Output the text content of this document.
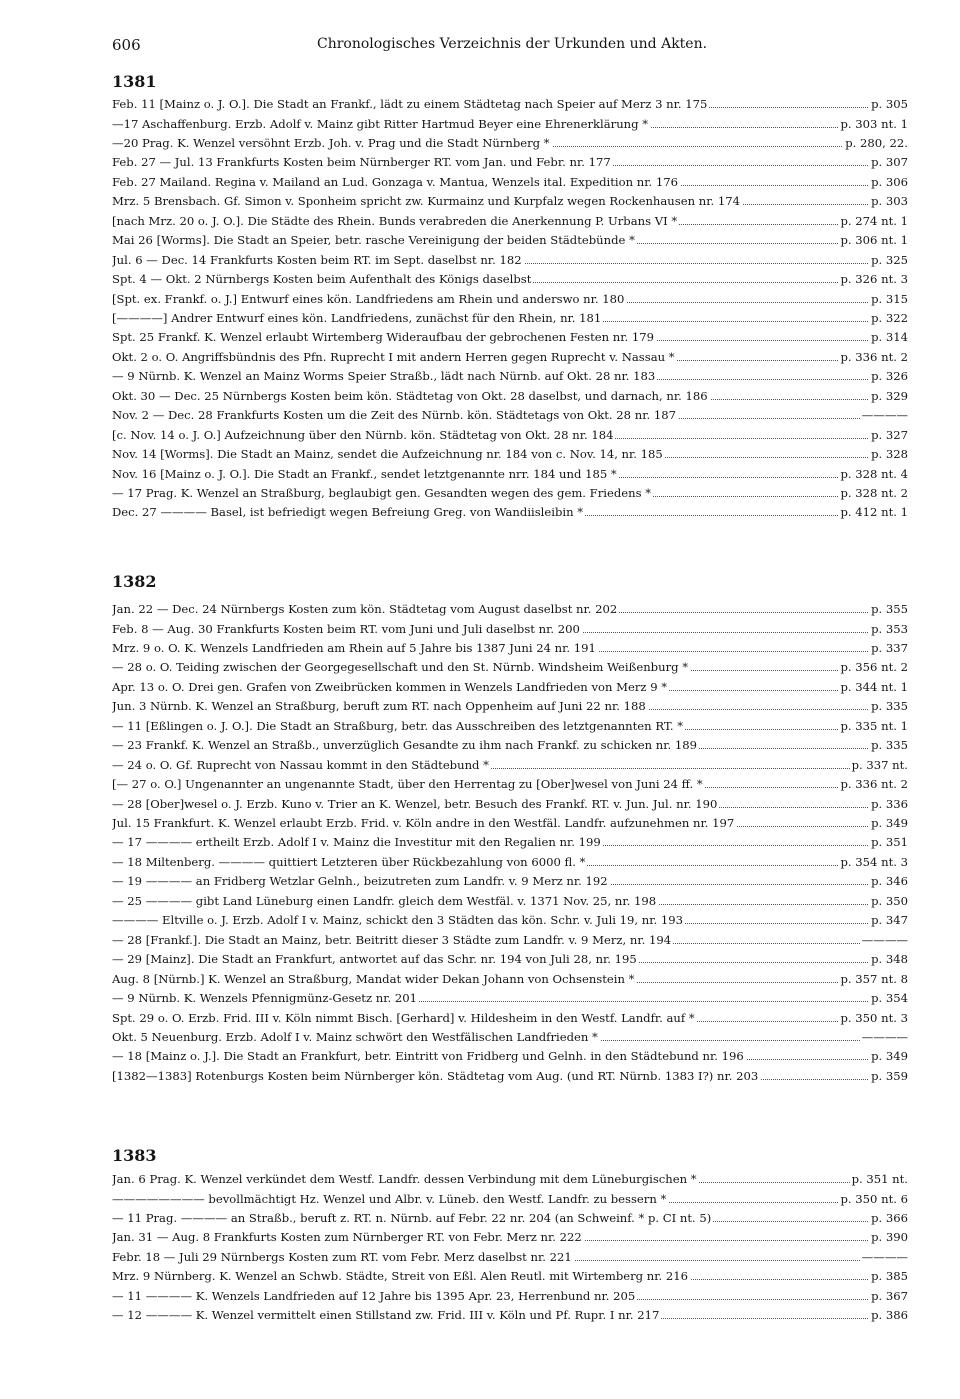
606	Chronologisches Verzeichnis der Urkunden und Akten.
1381
Feb. 11 [Mainz o. J. O.]. Die Stadt an Frankf., lädt zu einem Städtetag nach Speier auf Merz 3 nr. 175	p. 305
—17 Aschaffenburg. Erzb. Adolf v. Mainz gibt Ritter Hartmud Beyer eine Ehrenerklärung *	p. 303 nt. 1
—20 Prag. K. Wenzel versöhnt Erzb. Joh. v. Prag und die Stadt Nürnberg *	p. 280, 22.
Feb. 27 — Jul. 13 Frankfurts Kosten beim Nürnberger RT. vom Jan. und Febr. nr. 177	p. 307
Feb. 27 Mailand. Regina v. Mailand an Lud. Gonzaga v. Mantua, Wenzels ital. Expedition nr. 176	p. 306
Mrz. 5 Brensbach. Gf. Simon v. Sponheim spricht zw. Kurmainz und Kurpfalz wegen Rockenhausen nr. 174	p. 303
[nach Mrz. 20 o. J. O.]. Die Städte des Rhein. Bunds verabreden die Anerkennung P. Urbans VI *	p. 274 nt. 1
Mai 26 [Worms]. Die Stadt an Speier, betr. rasche Vereinigung der beiden Städtebünde *	p. 306 nt. 1
Jul. 6 — Dec. 14 Frankfurts Kosten beim RT. im Sept. daselbst nr. 182	p. 325
Spt. 4 — Okt. 2 Nürnbergs Kosten beim Aufenthalt des Königs daselbst	p. 326 nt. 3
[Spt. ex. Frankf. o. J.] Entwurf eines kön. Landfriedens am Rhein und anderswo nr. 180	p. 315
[————] Andrer Entwurf eines kön. Landfriedens, zunächst für den Rhein, nr. 181	p. 322
Spt. 25 Frankf. K. Wenzel erlaubt Wirtemberg Wideraufbau der gebrochenen Festen nr. 179	p. 314
Okt. 2 o. O. Angriffsbündnis des Pfn. Ruprecht I mit andern Herren gegen Ruprecht v. Nassau *	p. 336 nt. 2
— 9 Nürnb. K. Wenzel an Mainz Worms Speier Straßb., lädt nach Nürnb. auf Okt. 28 nr. 183	p. 326
Okt. 30 — Dec. 25 Nürnbergs Kosten beim kön. Städtetag von Okt. 28 daselbst, und darnach, nr. 186	p. 329
Nov. 2 — Dec. 28 Frankfurts Kosten um die Zeit des Nürnb. kön. Städtetags von Okt. 28 nr. 187	————
[c. Nov. 14 o. J. O.] Aufzeichnung über den Nürnb. kön. Städtetag von Okt. 28 nr. 184	p. 327
Nov. 14 [Worms]. Die Stadt an Mainz, sendet die Aufzeichnung nr. 184 von c. Nov. 14, nr. 185	p. 328
Nov. 16 [Mainz o. J. O.]. Die Stadt an Frankf., sendet letztgenannte nrr. 184 und 185 *	p. 328 nt. 4
— 17 Prag. K. Wenzel an Straßburg, beglaubigt gen. Gesandten wegen des gem. Friedens *	p. 328 nt. 2
Dec. 27 ———— Basel, ist befriedigt wegen Befreiung Greg. von Wandiisleibin *	p. 412 nt. 1
1382
Jan. 22 — Dec. 24 Nürnbergs Kosten zum kön. Städtetag vom August daselbst nr. 202	p. 355
Feb. 8 — Aug. 30 Frankfurts Kosten beim RT. vom Juni und Juli daselbst nr. 200	p. 353
Mrz. 9 o. O. K. Wenzels Landfrieden am Rhein auf 5 Jahre bis 1387 Juni 24 nr. 191	p. 337
— 28 o. O. Teiding zwischen der Georgegesellschaft und den St. Nürnb. Windsheim Weißenburg *	p. 356 nt. 2
Apr. 13 o. O. Drei gen. Grafen von Zweibrücken kommen in Wenzels Landfrieden von Merz 9 *	p. 344 nt. 1
Jun. 3 Nürnb. K. Wenzel an Straßburg, beruft zum RT. nach Oppenheim auf Juni 22 nr. 188	p. 335
— 11 [Eßlingen o. J. O.]. Die Stadt an Straßburg, betr. das Ausschreiben des letztgenannten RT. *	p. 335 nt. 1
— 23 Frankf. K. Wenzel an Straßb., unverzüglich Gesandte zu ihm nach Frankf. zu schicken nr. 189	p. 335
— 24 o. O. Gf. Ruprecht von Nassau kommt in den Städtebund *	p. 337 nt.
[— 27 o. O.] Ungenannter an ungenannte Stadt, über den Herrentag zu [Ober]wesel von Juni 24 ff. *	p. 336 nt. 2
— 28 [Ober]wesel o. J. Erzb. Kuno v. Trier an K. Wenzel, betr. Besuch des Frankf. RT. v. Jun. Jul. nr. 190	p. 336
Jul. 15 Frankfurt. K. Wenzel erlaubt Erzb. Frid. v. Köln andre in den Westfäl. Landfr. aufzunehmen nr. 197	p. 349
— 17 ———— ertheilt Erzb. Adolf I v. Mainz die Investitur mit den Regalien nr. 199	p. 351
— 18 Miltenberg. ———— quittiert Letzteren über Rückbezahlung von 6000 fl. *	p. 354 nt. 3
— 19 ———— an Fridberg Wetzlar Gelnh., beizutreten zum Landfr. v. 9 Merz nr. 192	p. 346
— 25 ———— gibt Land Lüneburg einen Landfr. gleich dem Westfäl. v. 1371 Nov. 25, nr. 198	p. 350
———— Eltville o. J. Erzb. Adolf I v. Mainz, schickt den 3 Städten das kön. Schr. v. Juli 19, nr. 193	p. 347
— 28 [Frankf.]. Die Stadt an Mainz, betr. Beitritt dieser 3 Städte zum Landfr. v. 9 Merz, nr. 194	————
— 29 [Mainz]. Die Stadt an Frankfurt, antwortet auf das Schr. nr. 194 von Juli 28, nr. 195	p. 348
Aug. 8 [Nürnb.] K. Wenzel an Straßburg, Mandat wider Dekan Johann von Ochsenstein *	p. 357 nt. 8
— 9 Nürnb. K. Wenzels Pfennigmünz-Gesetz nr. 201	p. 354
Spt. 29 o. O. Erzb. Frid. III v. Köln nimmt Bisch. [Gerhard] v. Hildesheim in den Westf. Landfr. auf *	p. 350 nt. 3
Okt. 5 Neuenburg. Erzb. Adolf I v. Mainz schwört den Westfälischen Landfrieden *	————
— 18 [Mainz o. J.]. Die Stadt an Frankfurt, betr. Eintritt von Fridberg und Gelnh. in den Städtebund nr. 196	p. 349
[1382—1383] Rotenburgs Kosten beim Nürnberger kön. Städtetag vom Aug. (und RT. Nürnb. 1383 I?) nr. 203	p. 359
1383
Jan. 6 Prag. K. Wenzel verkündet dem Westf. Landfr. dessen Verbindung mit dem Lüneburgischen *	p. 351 nt.
———————— bevollmächtigt Hz. Wenzel und Albr. v. Lüneb. den Westf. Landfr. zu bessern *	p. 350 nt. 6
— 11 Prag. ———— an Straßb., beruft z. RT. n. Nürnb. auf Febr. 22 nr. 204 (an Schweinf. * p. CI nt. 5)	p. 366
Jan. 31 — Aug. 8 Frankfurts Kosten zum Nürnberger RT. von Febr. Merz nr. 222	p. 390
Febr. 18 — Juli 29 Nürnbergs Kosten zum RT. vom Febr. Merz daselbst nr. 221	————
Mrz. 9 Nürnberg. K. Wenzel an Schwb. Städte, Streit von Eßl. Alen Reutl. mit Wirtemberg nr. 216	p. 385
— 11 ———— K. Wenzels Landfrieden auf 12 Jahre bis 1395 Apr. 23, Herrenbund nr. 205	p. 367
— 12 ———— K. Wenzel vermittelt einen Stillstand zw. Frid. III v. Köln und Pf. Rupr. I nr. 217	p. 386
